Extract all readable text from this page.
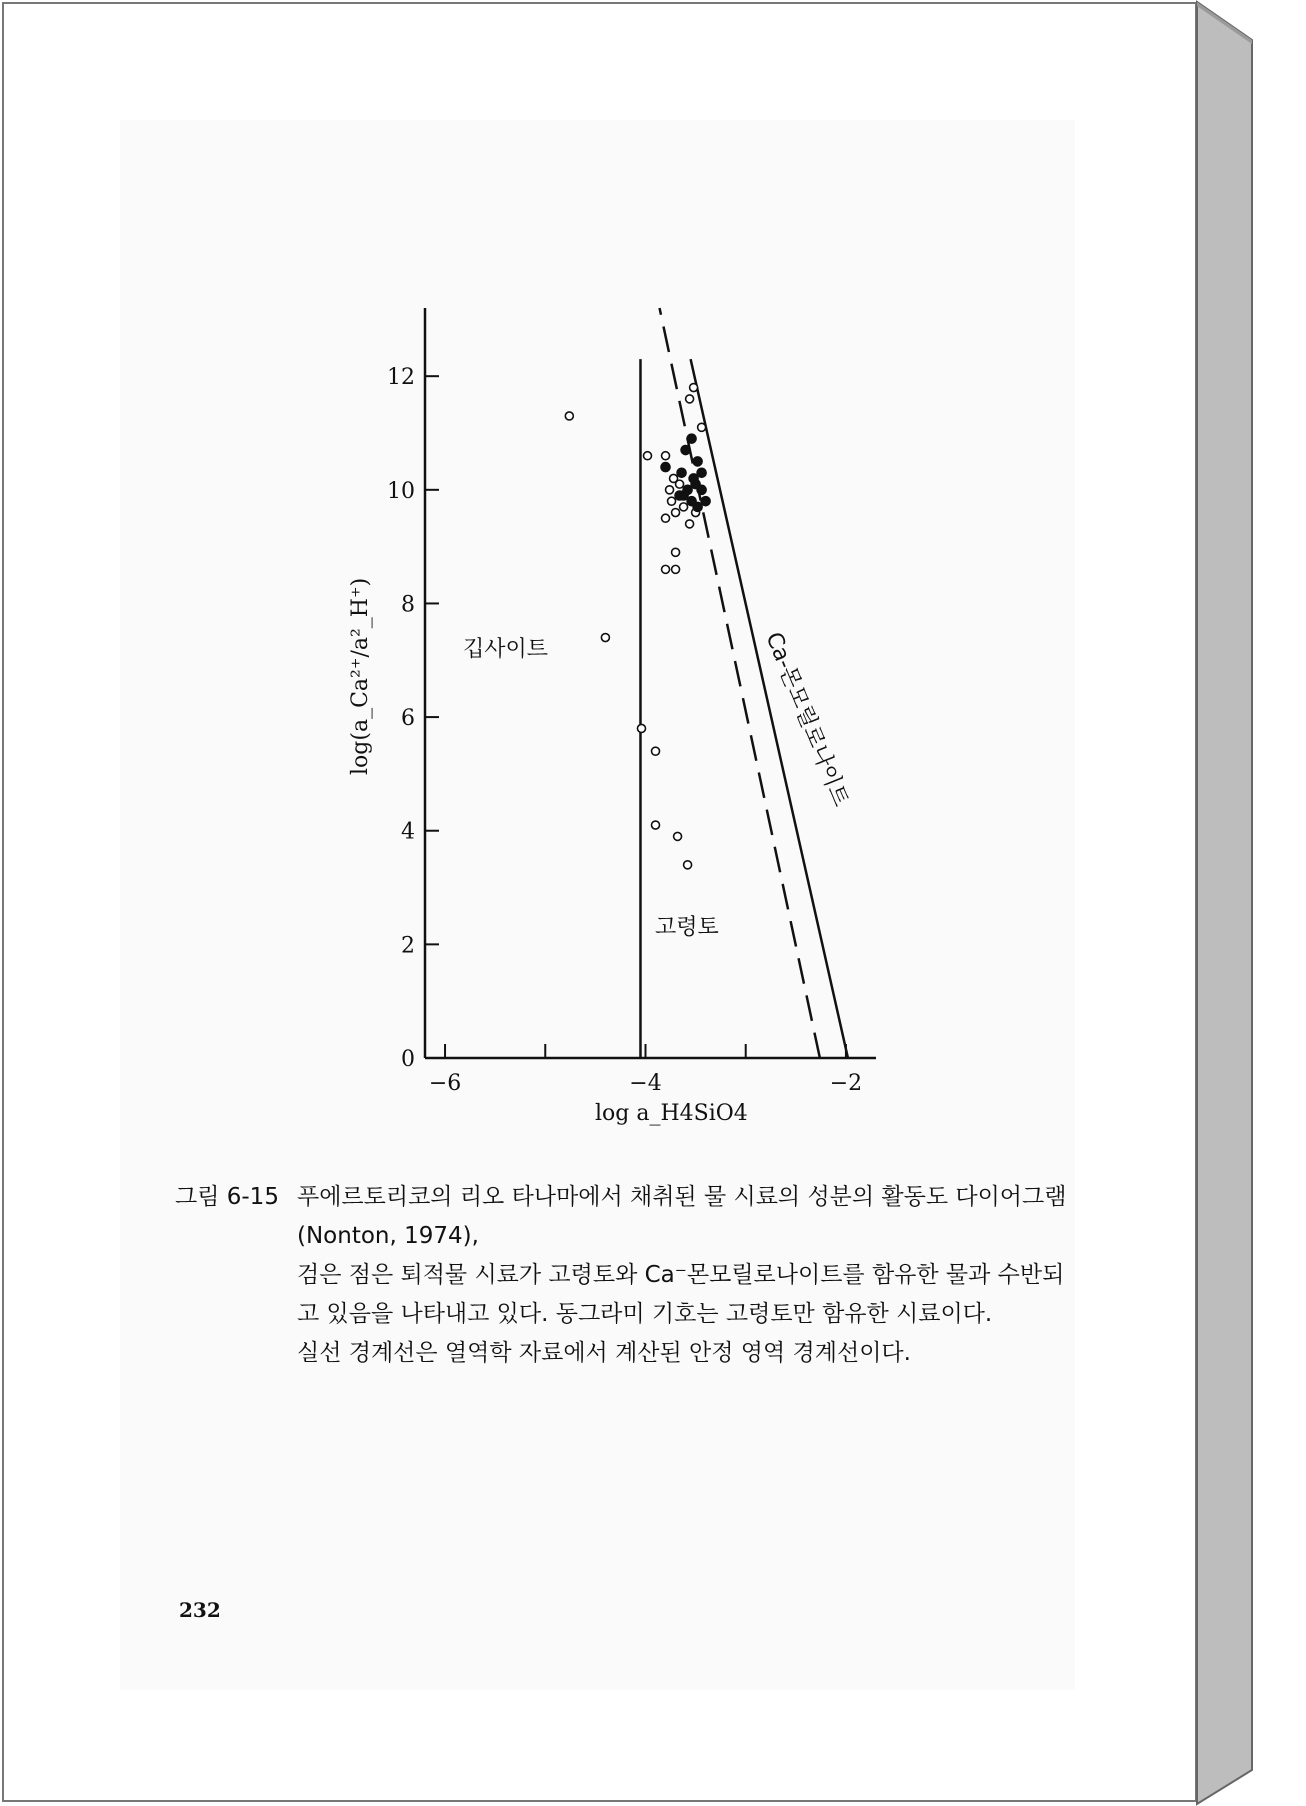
−6	−4	−2
0
2
4
6
8
10
12
깁사이트
고령토
Ca-몬모릴로나이트
log a_H4SiO4
log(a_Ca²⁺/a²_H⁺)
그림 6-15 푸에르토리코의 리오 타나마에서 채취된 물 시료의 성분의 활동도 다이어그램(Nonton, 1974),
검은 점은 퇴적물 시료가 고령토와 Ca⁻몬모릴로나이트를 함유한 물과 수반되고 있음을 나타내고 있다. 동그라미 기호는 고령토만 함유한 시료이다.
실선 경계선은 열역학 자료에서 계산된 안정 영역 경계선이다.
232
